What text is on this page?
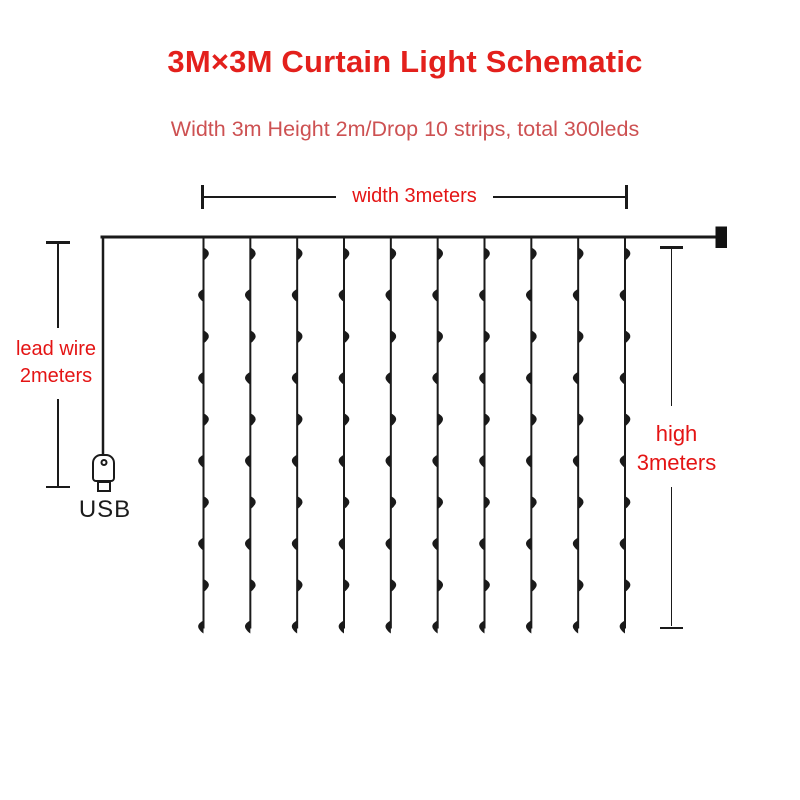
3M×3M Curtain Light Schematic
Width 3m Height 2m/Drop 10 strips, total 300leds
width 3meters
lead wire
2meters
high
3meters
USB
